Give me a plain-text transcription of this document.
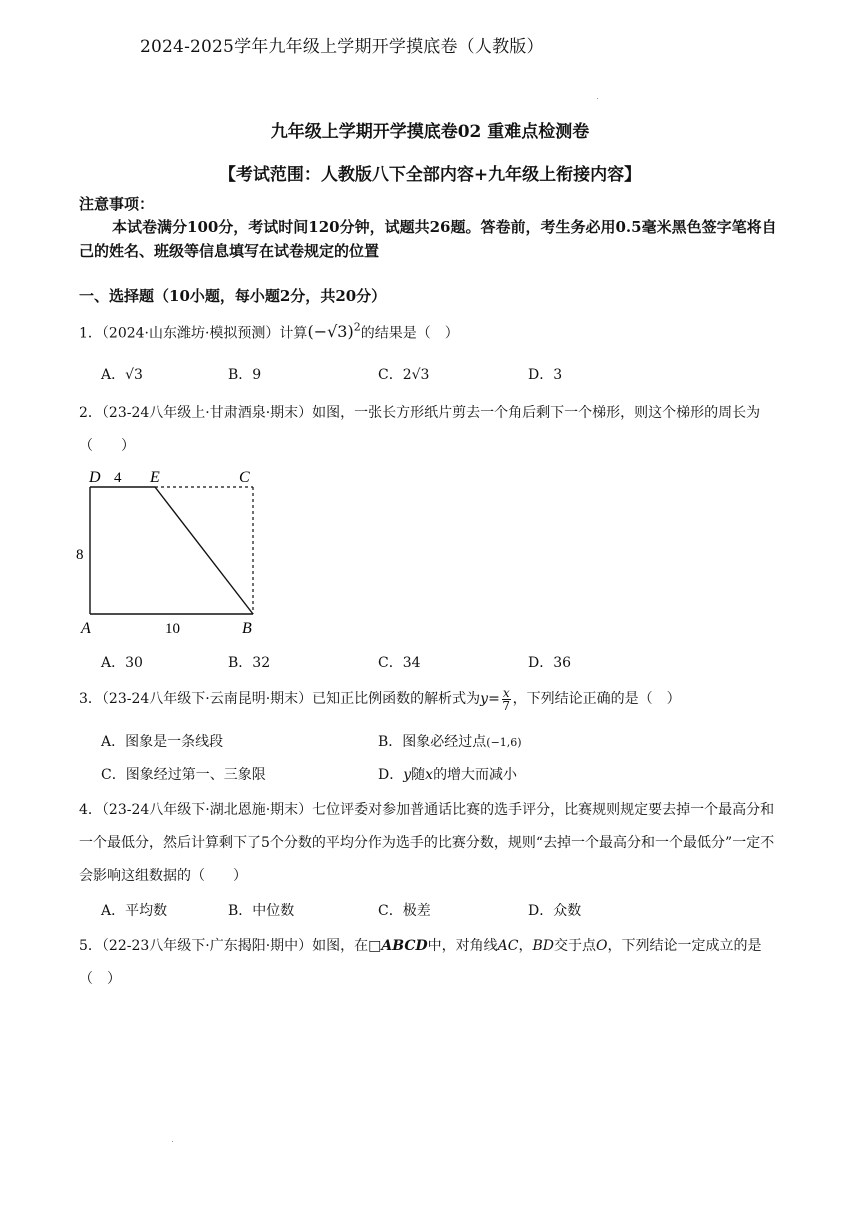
2024-2025学年九年级上学期开学摸底卷（人教版）
九年级上学期开学摸底卷02 重难点检测卷
【考试范围：人教版八下全部内容+九年级上衔接内容】
注意事项：
本试卷满分100分，考试时间120分钟，试题共26题。答卷前，考生务必用0.5毫米黑色签字笔将自己的姓名、班级等信息填写在试卷规定的位置
一、选择题（10小题，每小题2分，共20分）
1．（2024·山东潍坊·模拟预测）计算$(-√3)^2$的结果是（　）
A．√3	B．9	C．2√3	D．3
2．（23-24八年级上·甘肃酒泉·期末）如图，一张长方形纸片剪去一个角后剩下一个梯形，则这个梯形的周长为（　　）
D 4 E	C
8
A	10	B
A．30	B．32	C．34	D．36
3．（23-24八年级下·云南昆明·期末）已知正比例函数的解析式为$y= \frac{x}{7}$ ，下列结论正确的是（　）
A．图象是一条线段	B．图象必经过点(−1,6)
C．图象经过第一、三象限	D．y随x的增大而减小
4．（23-24八年级下·湖北恩施·期末）七位评委对参加普通话比赛的选手评分，比赛规则规定要去掉一个最高分和一个最低分，然后计算剩下了5个分数的平均分作为选手的比赛分数，规则“去掉一个最高分和一个最低分”一定不会影响这组数据的（　　）
A．平均数	B．中位数	C．极差	D．众数
5．（22-23八年级下·广东揭阳·期中）如图，在□ABCD中，对角线AC，BD交于点O，下列结论一定成立的是（　）
